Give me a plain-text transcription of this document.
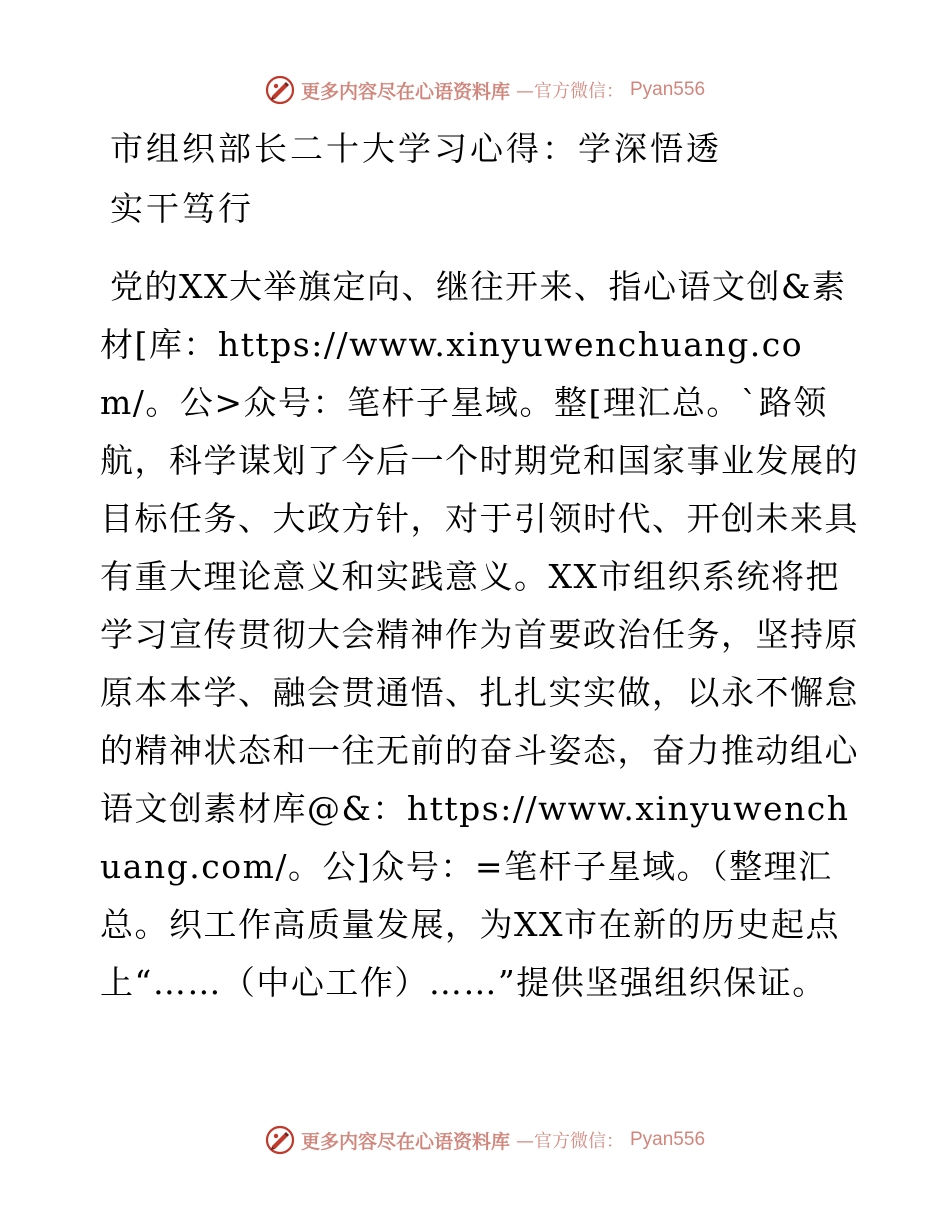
更多内容尽在心语资料库 —官方微信： Pyan556

市组织部长二十大学习心得：学深悟透

实干笃行

党的XX大举旗定向、继往开来、指心语文创&素材[库：https://www.xinyuwenchuang.com/。公>众号：笔杆子星域。整[理汇总。`路领航，科学谋划了今后一个时期党和国家事业发展的目标任务、大政方针，对于引领时代、开创未来具有重大理论意义和实践意义。XX市组织系统将把学习宣传贯彻大会精神作为首要政治任务，坚持原原本本学、融会贯通悟、扎扎实实做，以永不懈怠的精神状态和一往无前的奋斗姿态，奋力推动组心语文创素材库@&：https://www.xinyuwenchuang.com/。公]众号：=笔杆子星域。（整理汇总。织工作高质量发展，为XX市在新的历史起点上“……（中心工作）……”提供坚强组织保证。

更多内容尽在心语资料库 —官方微信： Pyan556
